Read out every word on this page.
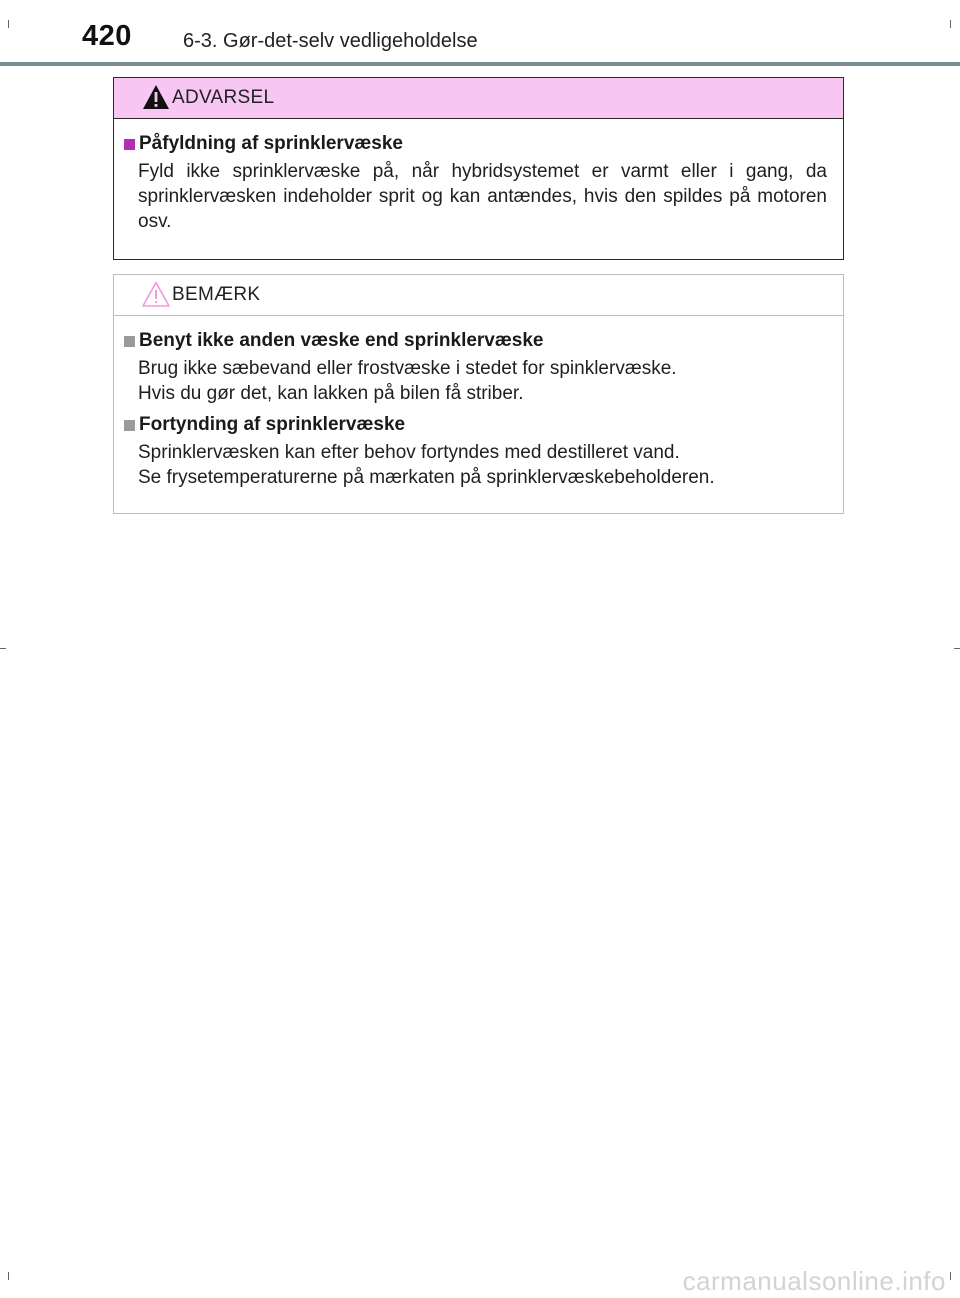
420	6-3. Gør-det-selv vedligeholdelse
ADVARSEL
Påfyldning af sprinklervæske
Fyld ikke sprinklervæske på, når hybridsystemet er varmt eller i gang, da sprinklervæsken indeholder sprit og kan antændes, hvis den spildes på motoren osv.
BEMÆRK
Benyt ikke anden væske end sprinklervæske
Brug ikke sæbevand eller frostvæske i stedet for spinklervæske.
Hvis du gør det, kan lakken på bilen få striber.
Fortynding af sprinklervæske
Sprinklervæsken kan efter behov fortyndes med destilleret vand.
Se frysetemperaturerne på mærkaten på sprinklervæskebeholderen.
carmanualsonline.info
